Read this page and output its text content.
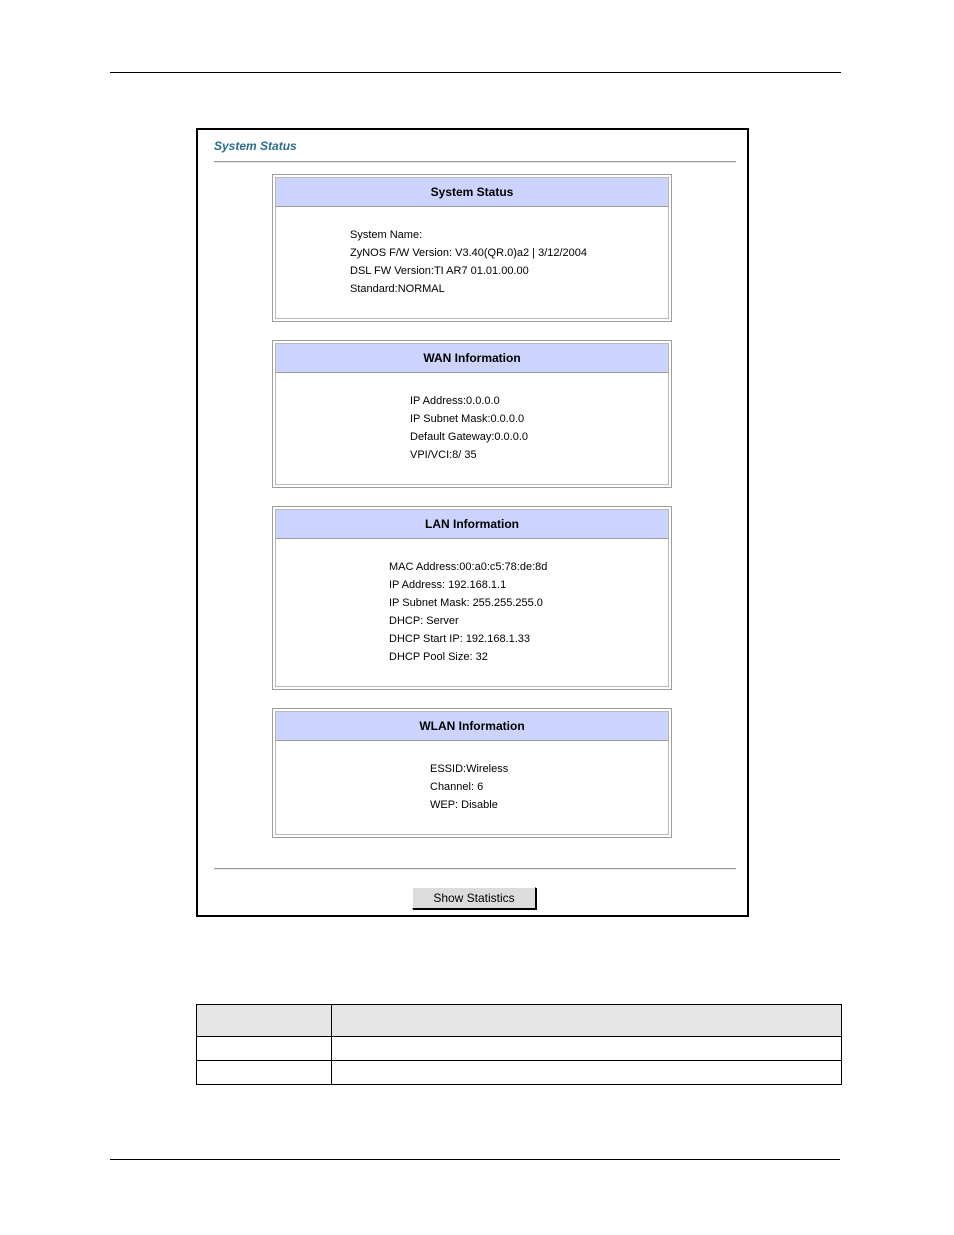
System Status
System Status
System Name:
ZyNOS F/W Version: V3.40(QR.0)a2 | 3/12/2004
DSL FW Version:TI AR7 01.01.00.00
Standard:NORMAL
WAN Information
IP Address:0.0.0.0
IP Subnet Mask:0.0.0.0
Default Gateway:0.0.0.0
VPI/VCI:8/ 35
LAN Information
MAC Address:00:a0:c5:78:de:8d
IP Address: 192.168.1.1
IP Subnet Mask: 255.255.255.0
DHCP: Server
DHCP Start IP: 192.168.1.33
DHCP Pool Size: 32
WLAN Information
ESSID:Wireless
Channel: 6
WEP: Disable
Show Statistics
